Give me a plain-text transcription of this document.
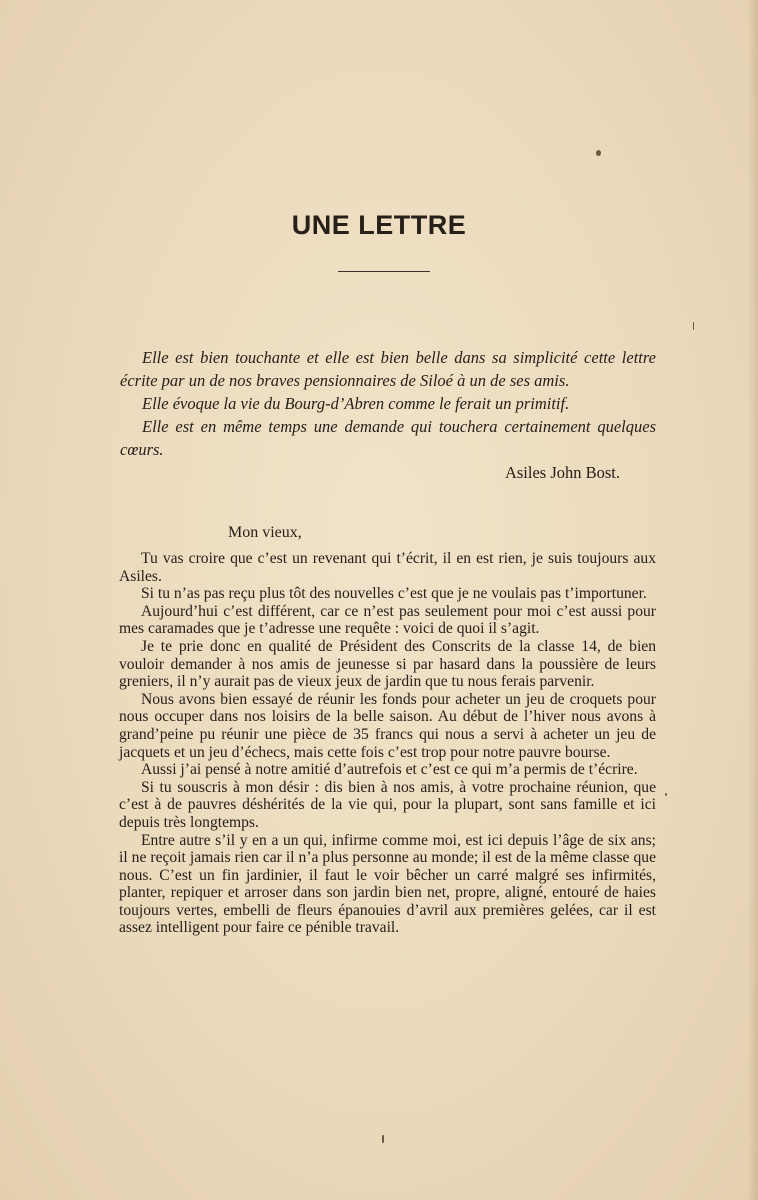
UNE LETTRE

Elle est bien touchante et elle est bien belle dans sa simplicité cette lettre écrite par un de nos braves pensionnaires de Siloé à un de ses amis.

Elle évoque la vie du Bourg-d’Abren comme le ferait un primitif.

Elle est en même temps une demande qui touchera certainement quelques cœurs.

Asiles John Bost.

Mon vieux,

Tu vas croire que c’est un revenant qui t’écrit, il en est rien, je suis toujours aux Asiles.

Si tu n’as pas reçu plus tôt des nouvelles c’est que je ne voulais pas t’importuner.

Aujourd’hui c’est différent, car ce n’est pas seulement pour moi c’est aussi pour mes caramades que je t’adresse une requête : voici de quoi il s’agit.

Je te prie donc en qualité de Président des Conscrits de la classe 14, de bien vouloir demander à nos amis de jeunesse si par hasard dans la poussière de leurs greniers, il n’y aurait pas de vieux jeux de jardin que tu nous ferais parvenir.

Nous avons bien essayé de réunir les fonds pour acheter un jeu de croquets pour nous occuper dans nos loisirs de la belle saison. Au début de l’hiver nous avons à grand’peine pu réunir une pièce de 35 francs qui nous a servi à acheter un jeu de jacquets et un jeu d’échecs, mais cette fois c’est trop pour notre pauvre bourse.

Aussi j’ai pensé à notre amitié d’autrefois et c’est ce qui m’a permis de t’écrire.

Si tu souscris à mon désir : dis bien à nos amis, à votre prochaine réunion, que c’est à de pauvres déshérités de la vie qui, pour la plupart, sont sans famille et ici depuis très longtemps.

Entre autre s’il y en a un qui, infirme comme moi, est ici depuis l’âge de six ans; il ne reçoit jamais rien car il n’a plus personne au monde; il est de la même classe que nous. C’est un fin jardinier, il faut le voir bêcher un carré malgré ses infirmités, planter, repiquer et arroser dans son jardin bien net, propre, aligné, entouré de haies toujours vertes, embelli de fleurs épanouies d’avril aux premières gelées, car il est assez intelligent pour faire ce pénible travail.
